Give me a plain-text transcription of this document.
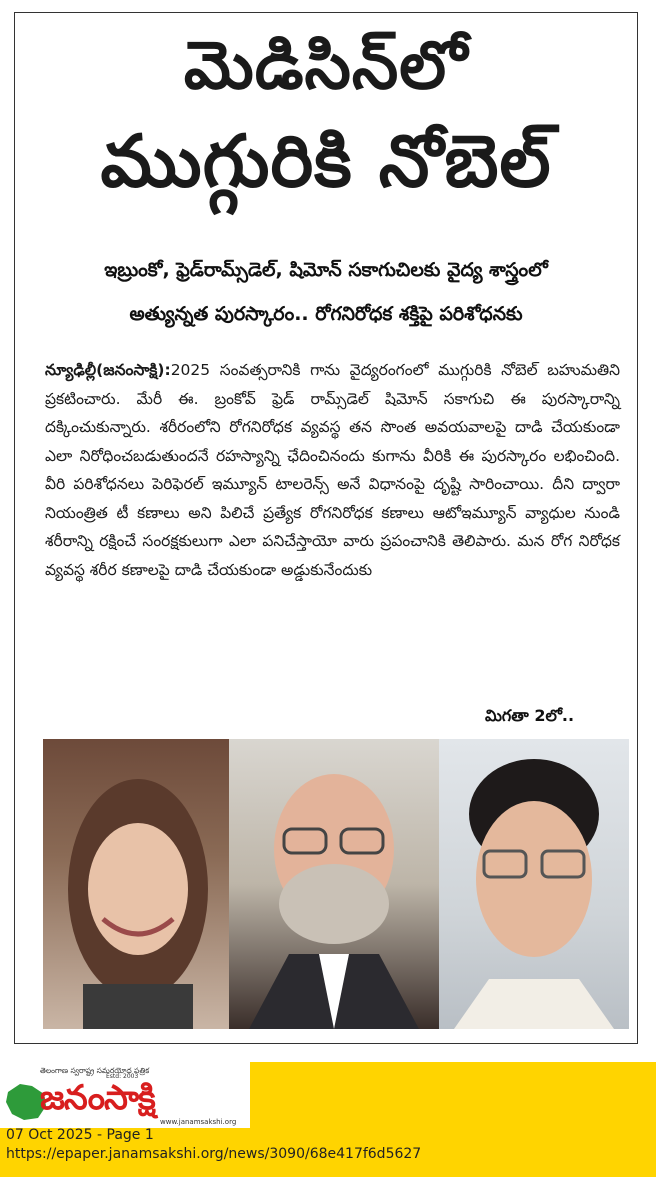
మెడిసిన్‌లో
ముగ్గురికి నోబెల్
ఇబ్రుంకో, ఫ్రెడ్‌రామ్స్‌డెల్, షిమోన్ సకాగుచిలకు వైద్య శాస్త్రంలో
అత్యున్నత పురస్కారం.. రోగనిరోధక శక్తిపై పరిశోధనకు
న్యూఢిల్లీ(జనంసాక్షి):2025 సంవత్సరానికి గాను వైద్యరంగంలో ముగ్గురికి నోబెల్ బహుమతిని ప్రకటించారు. మేరీ ఈ. బ్రంకోవ్ ఫ్రెడ్ రామ్స్‌డెల్ షిమోన్ సకాగుచి ఈ పురస్కారాన్ని దక్కించుకున్నారు. శరీరంలోని రోగనిరోధక వ్యవస్థ తన సొంత అవయవాలపై దాడి చేయకుండా ఎలా నిరోధించబడుతుందనే రహస్యాన్ని ఛేదించినందు కుగాను వీరికి ఈ పురస్కారం లభించింది. వీరి పరిశోధనలు పెరిఫెరల్ ఇమ్యూన్ టాలరెన్స్ అనే విధానంపై దృష్టి సారించాయి. దీని ద్వారా నియంత్రిత టీ కణాలు అని పిలిచే ప్రత్యేక రోగనిరోధక కణాలు ఆటోఇమ్యూన్ వ్యాధుల నుండి శరీరాన్ని రక్షించే సంరక్షకులుగా ఎలా పనిచేస్తాయో వారు ప్రపంచానికి తెలిపారు. మన రోగ నిరోధక వ్యవస్థ శరీర కణాలపై దాడి చేయకుండా అడ్డుకునేందుకు
మిగతా 2లో..
తెలంగాణ స్వరాష్ట్ర సమరయోధ పత్రిక
Estd: 2003
జనంసాక్షి
www.janamsakshi.org
07 Oct 2025 - Page 1
https://epaper.janamsakshi.org/news/3090/68e417f6d5627
